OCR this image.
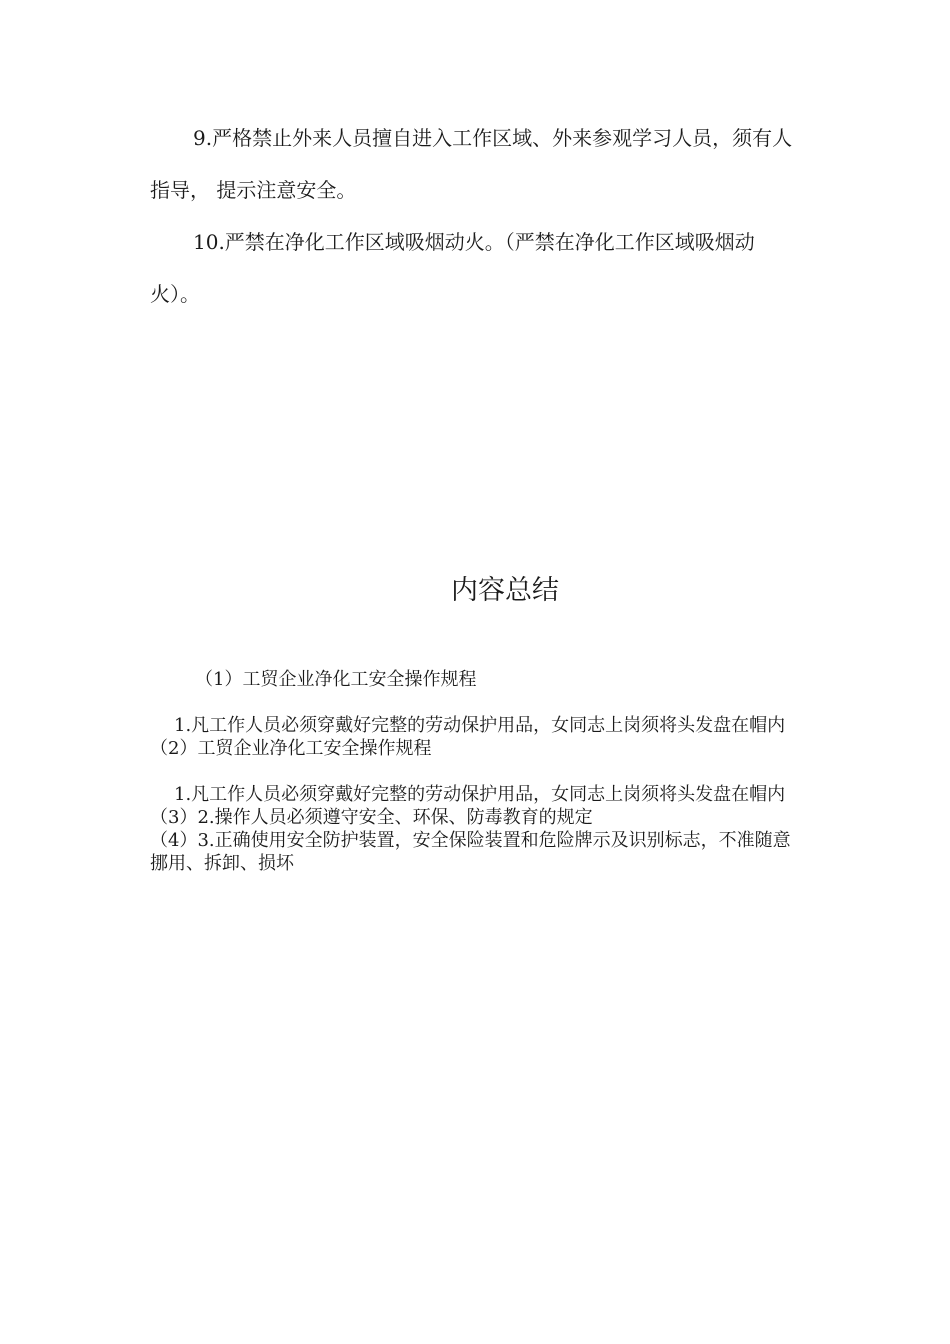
9.严格禁止外来人员擅自进入工作区域、外来参观学习人员，须有人指导， 提示注意安全。

10.严禁在净化工作区域吸烟动火。（严禁在净化工作区域吸烟动火）。

内容总结

（1）工贸企业净化工安全操作规程

1.凡工作人员必须穿戴好完整的劳动保护用品，女同志上岗须将头发盘在帽内

（2）工贸企业净化工安全操作规程

1.凡工作人员必须穿戴好完整的劳动保护用品，女同志上岗须将头发盘在帽内

（3）2.操作人员必须遵守安全、环保、防毒教育的规定

（4）3.正确使用安全防护装置，安全保险装置和危险牌示及识别标志，不准随意挪用、拆卸、损坏
